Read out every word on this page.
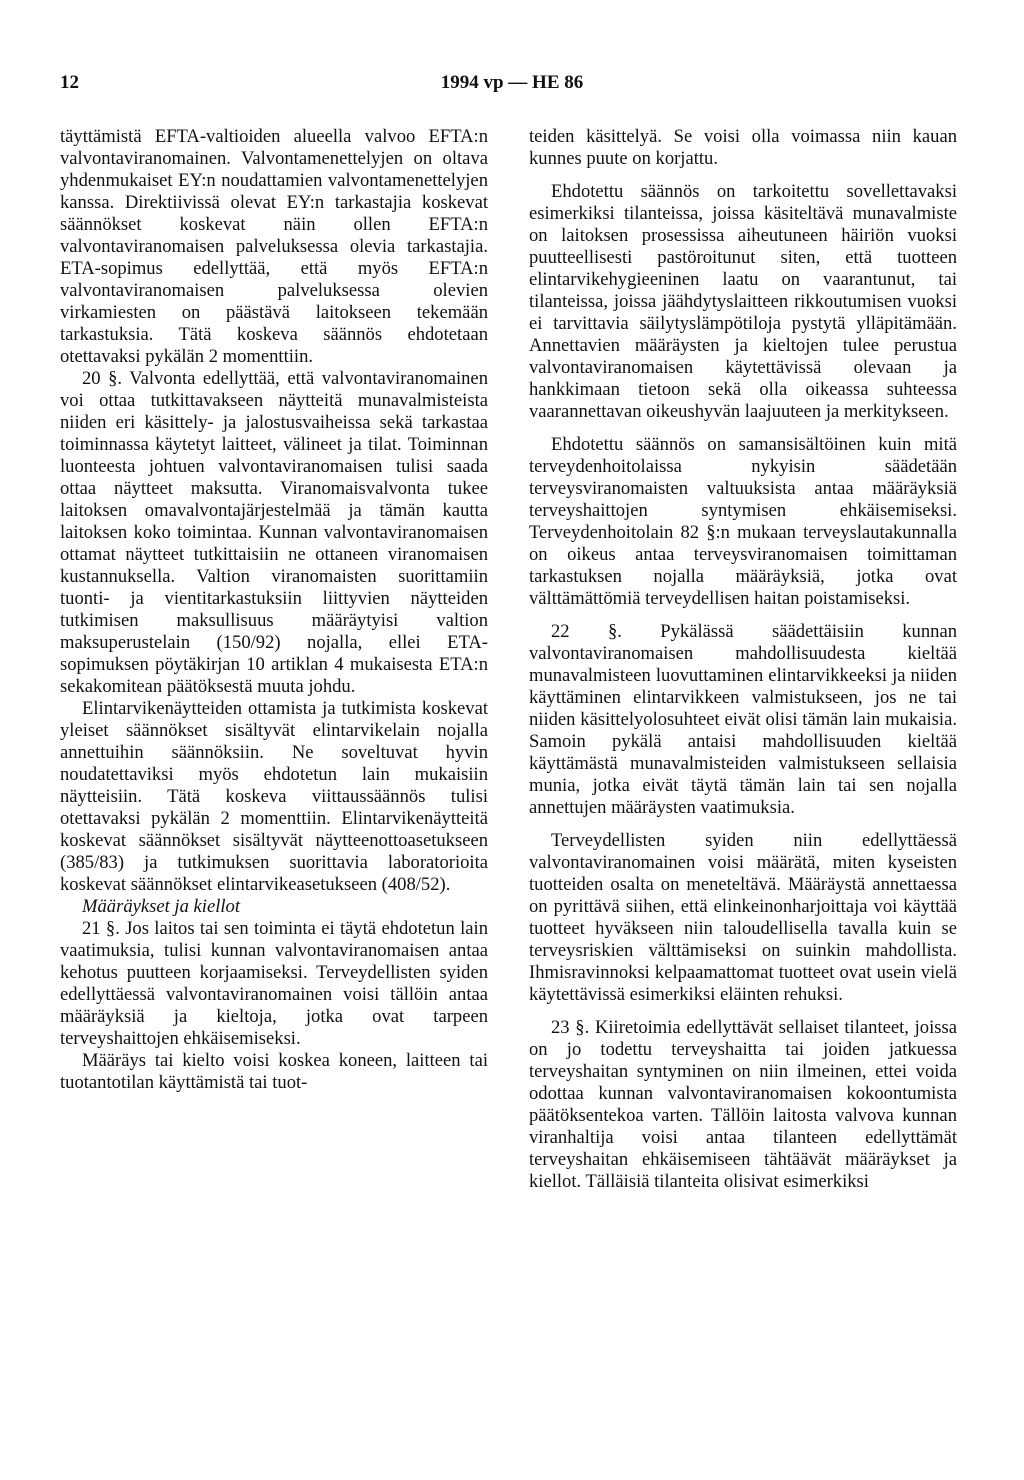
12	1994 vp — HE 86

täyttämistä EFTA-valtioiden alueella valvoo EFTA:n valvontaviranomainen. Valvontamenettelyjen on oltava yhdenmukaiset EY:n noudattamien valvontamenettelyjen kanssa. Direktiivissä olevat EY:n tarkastajia koskevat säännökset koskevat näin ollen EFTA:n valvontaviranomaisen palveluksessa olevia tarkastajia. ETA-sopimus edellyttää, että myös EFTA:n valvontaviranomaisen palveluksessa olevien virkamiesten on päästävä laitokseen tekemään tarkastuksia. Tätä koskeva säännös ehdotetaan otettavaksi pykälän 2 momenttiin.

20 §. Valvonta edellyttää, että valvontaviranomainen voi ottaa tutkittavakseen näytteitä munavalmisteista niiden eri käsittely- ja jalostusvaiheissa sekä tarkastaa toiminnassa käytetyt laitteet, välineet ja tilat. Toiminnan luonteesta johtuen valvontaviranomaisen tulisi saada ottaa näytteet maksutta. Viranomaisvalvonta tukee laitoksen omavalvontajärjestelmää ja tämän kautta laitoksen koko toimintaa. Kunnan valvontaviranomaisen ottamat näytteet tutkittaisiin ne ottaneen viranomaisen kustannuksella. Valtion viranomaisten suorittamiin tuonti- ja vientitarkastuksiin liittyvien näytteiden tutkimisen maksullisuus määräytyisi valtion maksuperustelain (150/92) nojalla, ellei ETA-sopimuksen pöytäkirjan 10 artiklan 4 mukaisesta ETA:n sekakomitean päätöksestä muuta johdu.

Elintarvikenäytteiden ottamista ja tutkimista koskevat yleiset säännökset sisältyvät elintarvikelain nojalla annettuihin säännöksiin. Ne soveltuvat hyvin noudatettaviksi myös ehdotetun lain mukaisiin näytteisiin. Tätä koskeva viittaussäännös tulisi otettavaksi pykälän 2 momenttiin. Elintarvikenäytteitä koskevat säännökset sisältyvät näytteenottoasetukseen (385/83) ja tutkimuksen suorittavia laboratorioita koskevat säännökset elintarvikeasetukseen (408/52).

Määräykset ja kiellot

21 §. Jos laitos tai sen toiminta ei täytä ehdotetun lain vaatimuksia, tulisi kunnan valvontaviranomaisen antaa kehotus puutteen korjaamiseksi. Terveydellisten syiden edellyttäessä valvontaviranomainen voisi tällöin antaa määräyksiä ja kieltoja, jotka ovat tarpeen terveyshaittojen ehkäisemiseksi.

Määräys tai kielto voisi koskea koneen, laitteen tai tuotantotilan käyttämistä tai tuot-

teiden käsittelyä. Se voisi olla voimassa niin kauan kunnes puute on korjattu.

Ehdotettu säännös on tarkoitettu sovellettavaksi esimerkiksi tilanteissa, joissa käsiteltävä munavalmiste on laitoksen prosessissa aiheutuneen häiriön vuoksi puutteellisesti pastöroitunut siten, että tuotteen elintarvikehygieeninen laatu on vaarantunut, tai tilanteissa, joissa jäähdytyslaitteen rikkoutumisen vuoksi ei tarvittavia säilytyslämpötiloja pystytä ylläpitämään. Annettavien määräysten ja kieltojen tulee perustua valvontaviranomaisen käytettävissä olevaan ja hankkimaan tietoon sekä olla oikeassa suhteessa vaarannettavan oikeushyvän laajuuteen ja merkitykseen.

Ehdotettu säännös on samansisältöinen kuin mitä terveydenhoitolaissa nykyisin säädetään terveysviranomaisten valtuuksista antaa määräyksiä terveyshaittojen syntymisen ehkäisemiseksi. Terveydenhoitolain 82 §:n mukaan terveyslautakunnalla on oikeus antaa terveysviranomaisen toimittaman tarkastuksen nojalla määräyksiä, jotka ovat välttämättömiä terveydellisen haitan poistamiseksi.

22 §. Pykälässä säädettäisiin kunnan valvontaviranomaisen mahdollisuudesta kieltää munavalmisteen luovuttaminen elintarvikkeeksi ja niiden käyttäminen elintarvikkeen valmistukseen, jos ne tai niiden käsittelyolosuhteet eivät olisi tämän lain mukaisia. Samoin pykälä antaisi mahdollisuuden kieltää käyttämästä munavalmisteiden valmistukseen sellaisia munia, jotka eivät täytä tämän lain tai sen nojalla annettujen määräysten vaatimuksia.

Terveydellisten syiden niin edellyttäessä valvontaviranomainen voisi määrätä, miten kyseisten tuotteiden osalta on meneteltävä. Määräystä annettaessa on pyrittävä siihen, että elinkeinonharjoittaja voi käyttää tuotteet hyväkseen niin taloudellisella tavalla kuin se terveysriskien välttämiseksi on suinkin mahdollista. Ihmisravinnoksi kelpaamattomat tuotteet ovat usein vielä käytettävissä esimerkiksi eläinten rehuksi.

23 §. Kiiretoimia edellyttävät sellaiset tilanteet, joissa on jo todettu terveyshaitta tai joiden jatkuessa terveyshaitan syntyminen on niin ilmeinen, ettei voida odottaa kunnan valvontaviranomaisen kokoontumista päätöksentekoa varten. Tällöin laitosta valvova kunnan viranhaltija voisi antaa tilanteen edellyttämät terveyshaitan ehkäisemiseen tähtäävät määräykset ja kiellot. Tälläisiä tilanteita olisivat esimerkiksi
